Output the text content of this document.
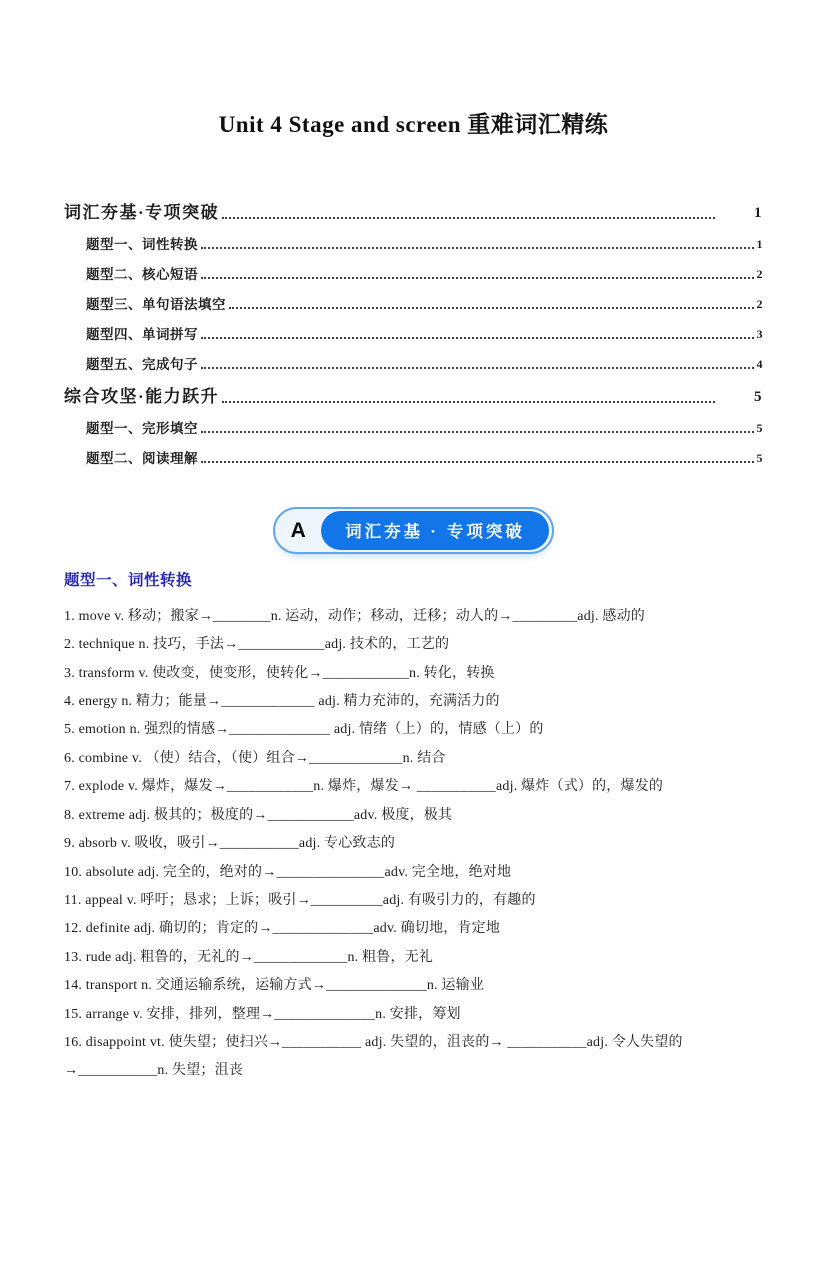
Unit 4 Stage and screen 重难词汇精练
词汇夯基·专项突破	1
题型一、词性转换	1
题型二、核心短语	2
题型三、单句语法填空	2
题型四、单词拼写	3
题型五、完成句子	4
综合攻坚·能力跃升	5
题型一、完形填空	5
题型二、阅读理解	5
A	词汇夯基 · 专项突破
题型一、词性转换

1. move v. 移动；搬家→________n. 运动，动作；移动，迁移；动人的→_________adj. 感动的

2. technique n. 技巧，手法→____________adj. 技术的，工艺的

3. transform v. 使改变，使变形，使转化→____________n. 转化，转换

4. energy n. 精力；能量→_____________ adj. 精力充沛的，充满活力的

5. emotion n. 强烈的情感→______________ adj. 情绪（上）的，情感（上）的

6. combine v. （使）结合，（使）组合→_____________n. 结合

7. explode v. 爆炸，爆发→____________n. 爆炸，爆发→ ___________adj. 爆炸（式）的，爆发的

8. extreme adj. 极其的；极度的→____________adv. 极度，极其

9. absorb v. 吸收，吸引→___________adj. 专心致志的

10. absolute adj. 完全的，绝对的→_______________adv. 完全地，绝对地

11. appeal v. 呼吁；恳求；上诉；吸引→__________adj. 有吸引力的，有趣的

12. definite adj. 确切的；肯定的→______________adv. 确切地，肯定地

13. rude adj. 粗鲁的，无礼的→_____________n. 粗鲁，无礼

14. transport n. 交通运输系统，运输方式→______________n. 运输业

15. arrange v. 安排，排列，整理→______________n. 安排，筹划

16. disappoint vt. 使失望；使扫兴→___________ adj. 失望的，沮丧的→ ___________adj. 令人失望的 →___________n. 失望；沮丧
